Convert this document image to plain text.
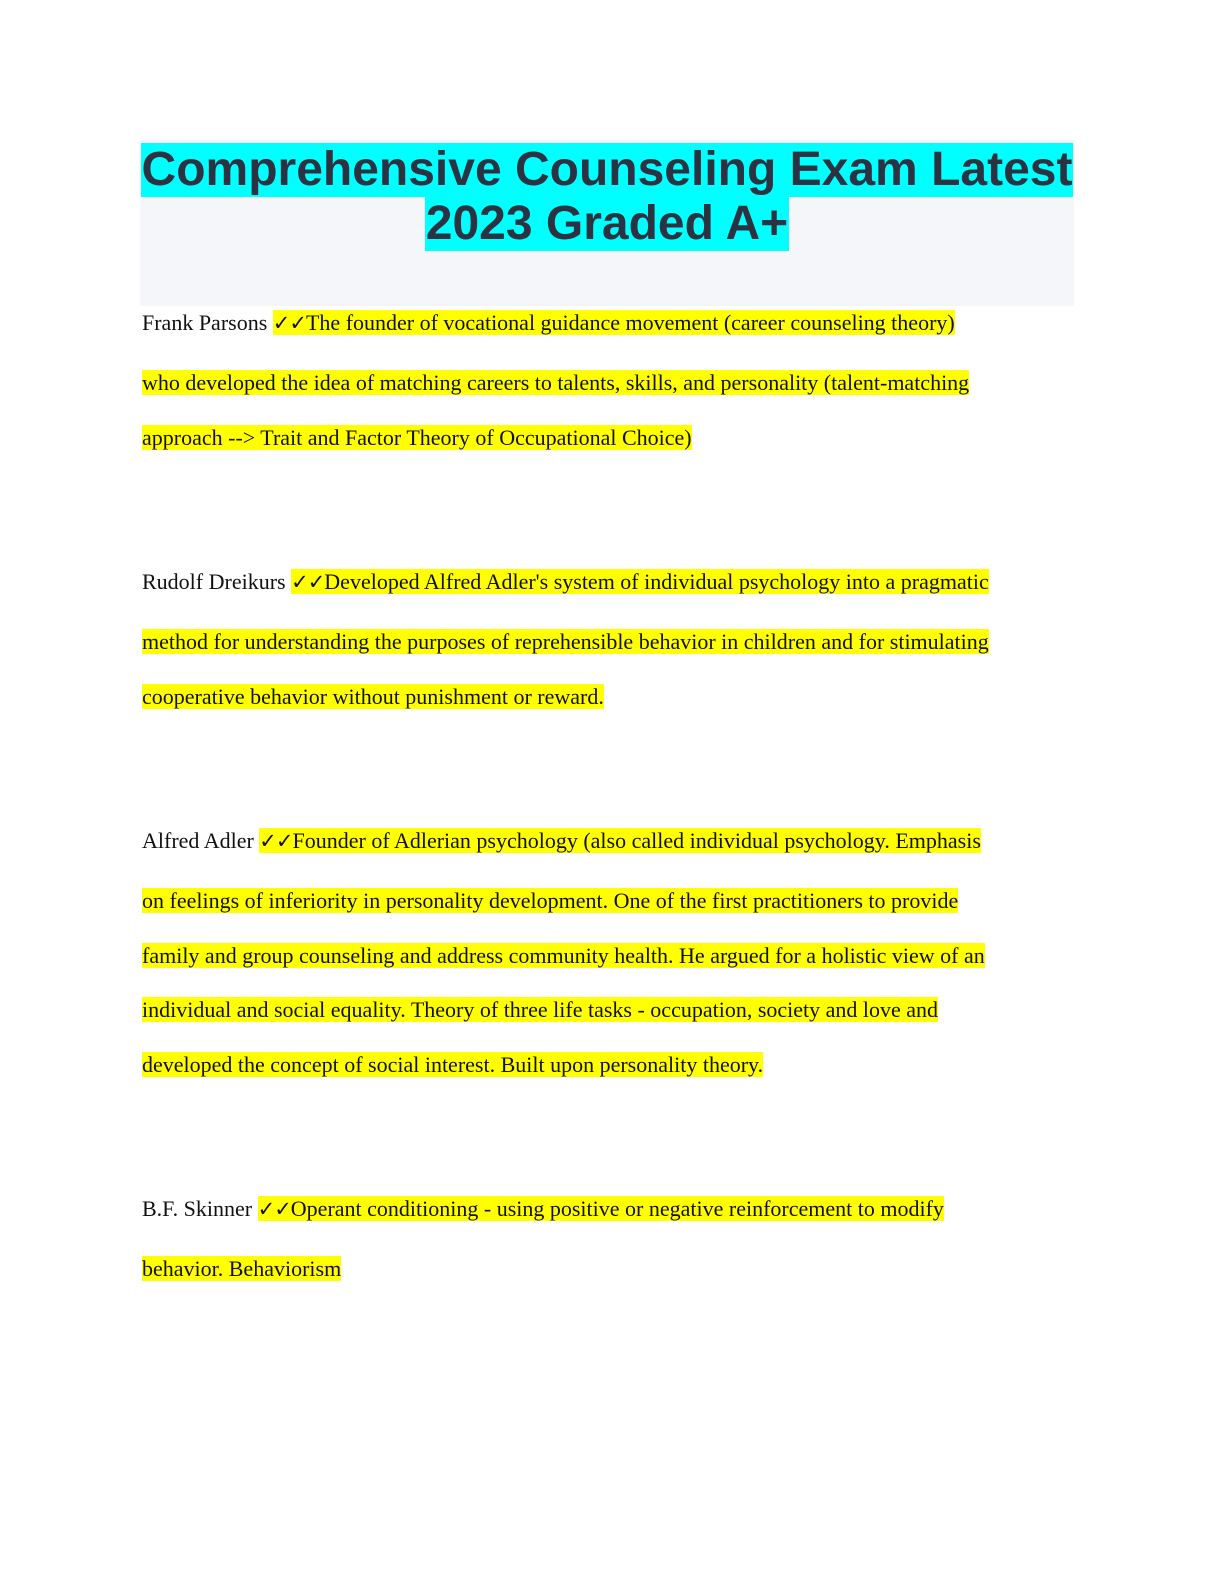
Comprehensive Counseling Exam Latest
2023 Graded A+
Frank Parsons ✓✓The founder of vocational guidance movement (career counseling theory)
who developed the idea of matching careers to talents, skills, and personality (talent-matching
approach --> Trait and Factor Theory of Occupational Choice)
Rudolf Dreikurs ✓✓Developed Alfred Adler's system of individual psychology into a pragmatic
method for understanding the purposes of reprehensible behavior in children and for stimulating
cooperative behavior without punishment or reward.
Alfred Adler ✓✓Founder of Adlerian psychology (also called individual psychology. Emphasis
on feelings of inferiority in personality development. One of the first practitioners to provide
family and group counseling and address community health. He argued for a holistic view of an
individual and social equality. Theory of three life tasks - occupation, society and love and
developed the concept of social interest. Built upon personality theory.
B.F. Skinner ✓✓Operant conditioning - using positive or negative reinforcement to modify
behavior. Behaviorism
